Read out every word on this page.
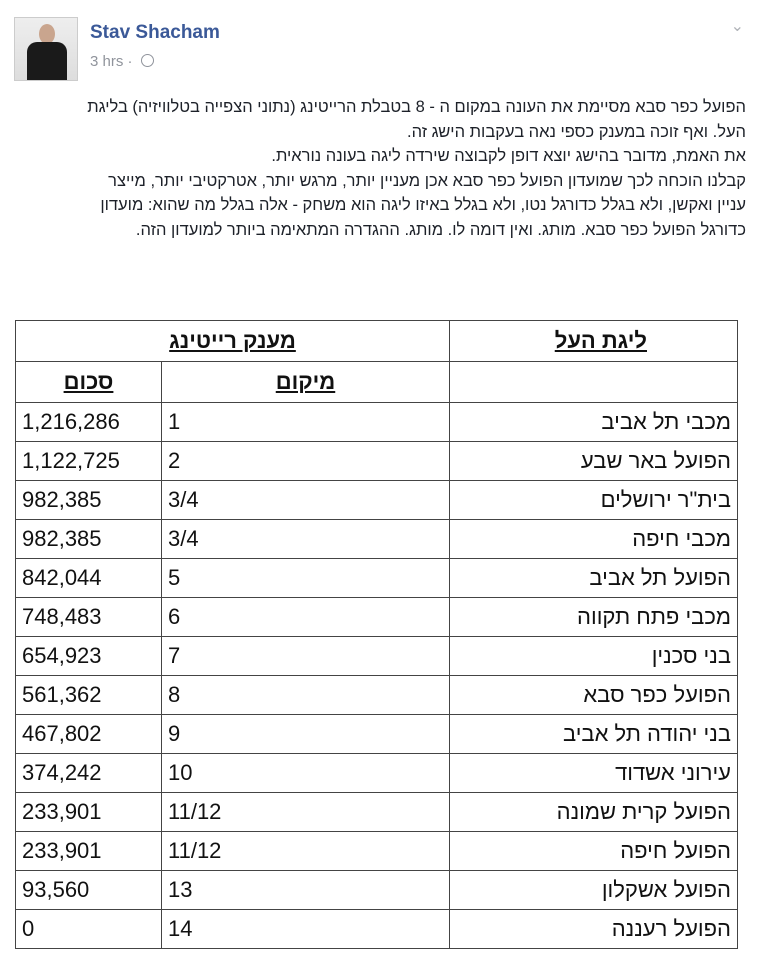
Stav Shacham
3 hrs ·
⌄

הפועל כפר סבא מסיימת את העונה במקום ה - 8 בטבלת הרייטינג (נתוני הצפייה בטלוויזיה) בליגת העל. ואף זוכה במענק כספי נאה בעקבות הישג זה.

את האמת, מדובר בהישג יוצא דופן לקבוצה שירדה ליגה בעונה נוראית.

קבלנו הוכחה לכך שמועדון הפועל כפר סבא אכן מעניין יותר, מרגש יותר, אטרקטיבי יותר, מייצר עניין ואקשן, ולא בגלל כדורגל נטו, ולא בגלל באיזו ליגה הוא משחק - אלה בגלל מה שהוא: מועדון כדורגל הפועל כפר סבא. מותג. ואין דומה לו. מותג. ההגדרה המתאימה ביותר למועדון הזה.

ליגת העל	מענק רייטינג	
	מיקום	סכום
מכבי תל אביב	1	1,216,286
הפועל באר שבע	2	1,122,725
בית"ר ירושלים	3/4	982,385
מכבי חיפה	3/4	982,385
הפועל תל אביב	5	842,044
מכבי פתח תקווה	6	748,483
בני סכנין	7	654,923
הפועל כפר סבא	8	561,362
בני יהודה תל אביב	9	467,802
עירוני אשדוד	10	374,242
הפועל קרית שמונה	11/12	233,901
הפועל חיפה	11/12	233,901
הפועל אשקלון	13	93,560
הפועל רעננה	14	0
